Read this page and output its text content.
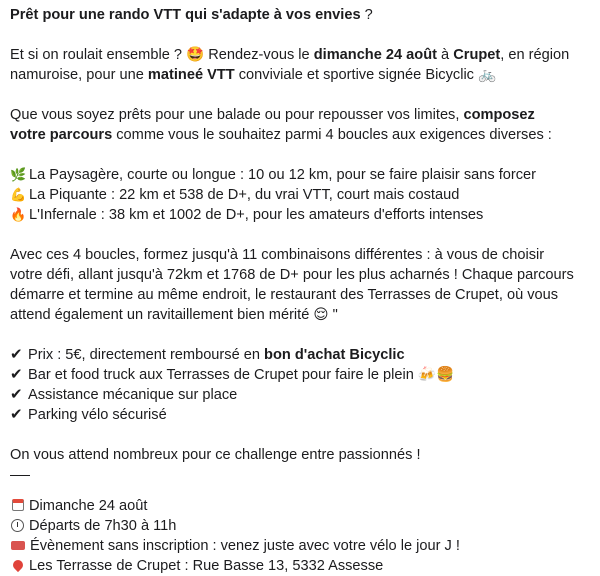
Prêt pour une rando VTT qui s'adapte à vos envies ?
Et si on roulait ensemble ? 🤩 Rendez-vous le dimanche 24 août à Crupet, en région namuroise, pour une matineé VTT conviviale et sportive signée Bicyclic 🚲
Que vous soyez prêts pour une balade ou pour repousser vos limites, composez votre parcours comme vous le souhaitez parmi 4 boucles aux exigences diverses :
🌿 La Paysagère, courte ou longue : 10 ou 12 km, pour se faire plaisir sans forcer
💪 La Piquante : 22 km et 538 de D+, du vrai VTT, court mais costaud
🔥 L'Infernale : 38 km et 1002 de D+, pour les amateurs d'efforts intenses
Avec ces 4 boucles, formez jusqu'à 11 combinaisons différentes : à vous de choisir votre défi, allant jusqu'à 72km et 1768 de D+ pour les plus acharnés ! Chaque parcours démarre et termine au même endroit, le restaurant des Terrasses de Crupet, où vous attend également un ravitaillement bien mérité 😌 "
✔ Prix : 5€, directement remboursé en bon d'achat Bicyclic
✔ Bar et food truck aux Terrasses de Crupet pour faire le plein 🍻🍔
✔ Assistance mécanique sur place
✔ Parking vélo sécurisé
On vous attend nombreux pour ce challenge entre passionnés !
Dimanche 24 août
Départs de 7h30 à 11h
Évènement sans inscription : venez juste avec votre vélo le jour J !
Les Terrasse de Crupet : Rue Basse 13, 5332 Assesse
